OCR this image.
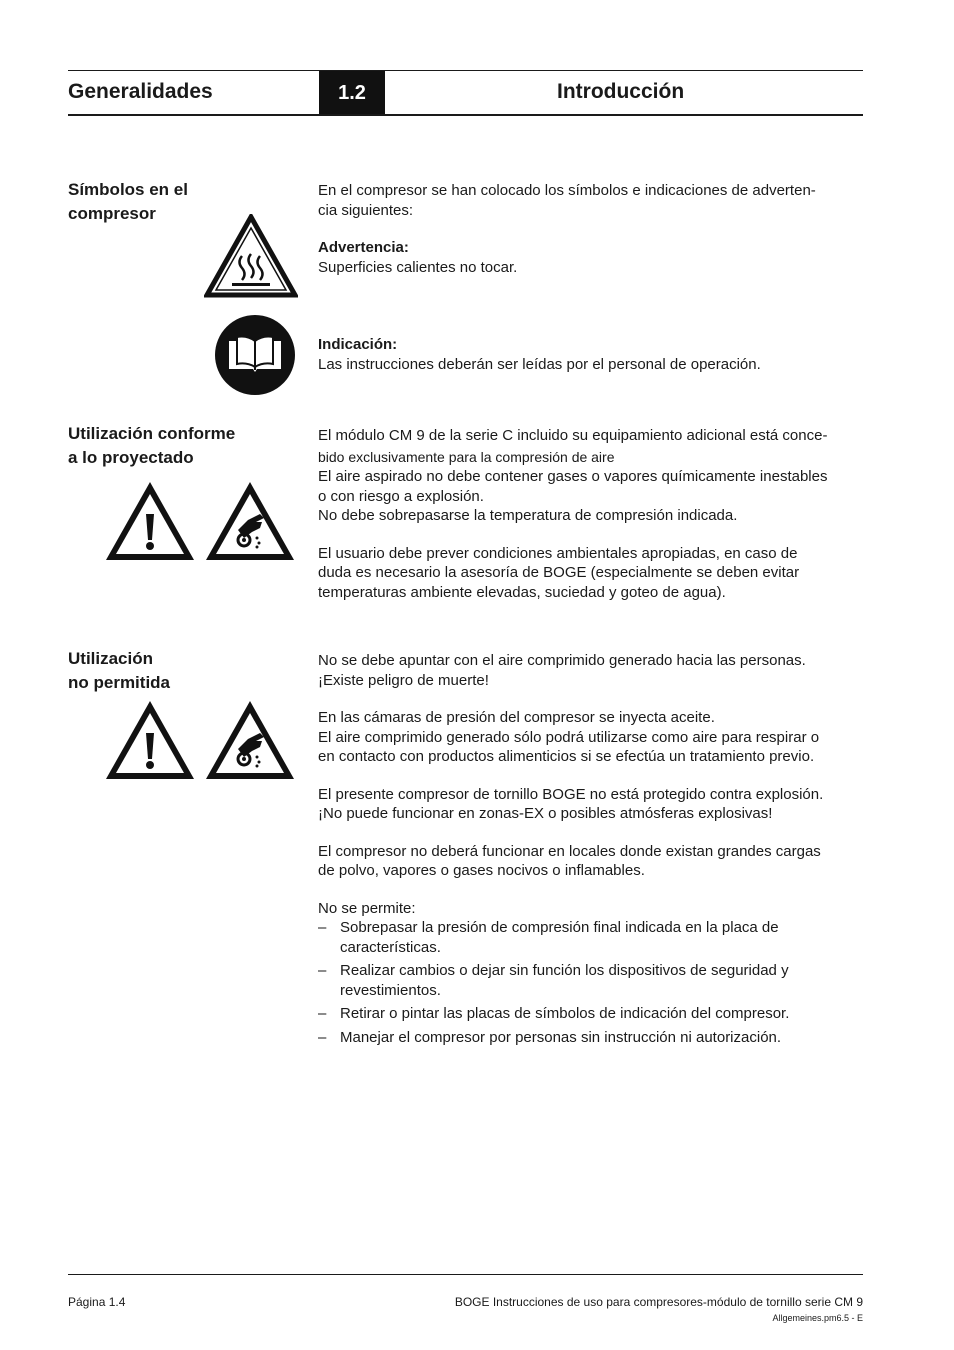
Generalidades	1.2	Introducción
Símbolos en el
compresor

En el compresor se han colocado los símbolos e indicaciones de adverten-

cia siguientes:

Advertencia:

Superficies calientes no tocar.

Indicación:

Las instrucciones deberán ser leídas por el personal de operación.

Utilización conforme
a lo proyectado

El módulo CM 9 de la serie C incluido su equipamiento adicional está conce-

bido exclusivamente para la compresión de aire

El aire aspirado no debe contener gases o vapores químicamente inestables

o con riesgo a explosión.

No debe sobrepasarse la temperatura de compresión indicada.

El usuario debe prever condiciones ambientales apropiadas, en caso de

duda es necesario la asesoría de BOGE (especialmente se deben evitar

temperaturas ambiente elevadas, suciedad y goteo de agua).

Utilización
no permitida

No se debe apuntar con el aire comprimido generado hacia las personas.

¡Existe peligro de muerte!

En las cámaras de presión del compresor se inyecta aceite.

El aire comprimido generado sólo podrá utilizarse como aire para respirar o

en contacto con productos alimenticios si se efectúa un tratamiento previo.

El presente compresor de tornillo BOGE no está protegido contra explosión.

¡No puede funcionar en zonas-EX o posibles atmósferas explosivas!

El compresor no deberá funcionar en locales donde existan grandes cargas

de polvo, vapores o gases nocivos o inflamables.

No se permite:

– Sobrepasar la presión de compresión final indicada en la placa de
características.
– Realizar cambios o dejar sin función los dispositivos de seguridad y
revestimientos.
– Retirar o pintar las placas de símbolos de indicación del compresor.
– Manejar el compresor por personas sin instrucción ni autorización.
Página 1.4	BOGE Instrucciones de uso para compresores-módulo de tornillo serie CM 9
Allgemeines.pm6.5 - E
